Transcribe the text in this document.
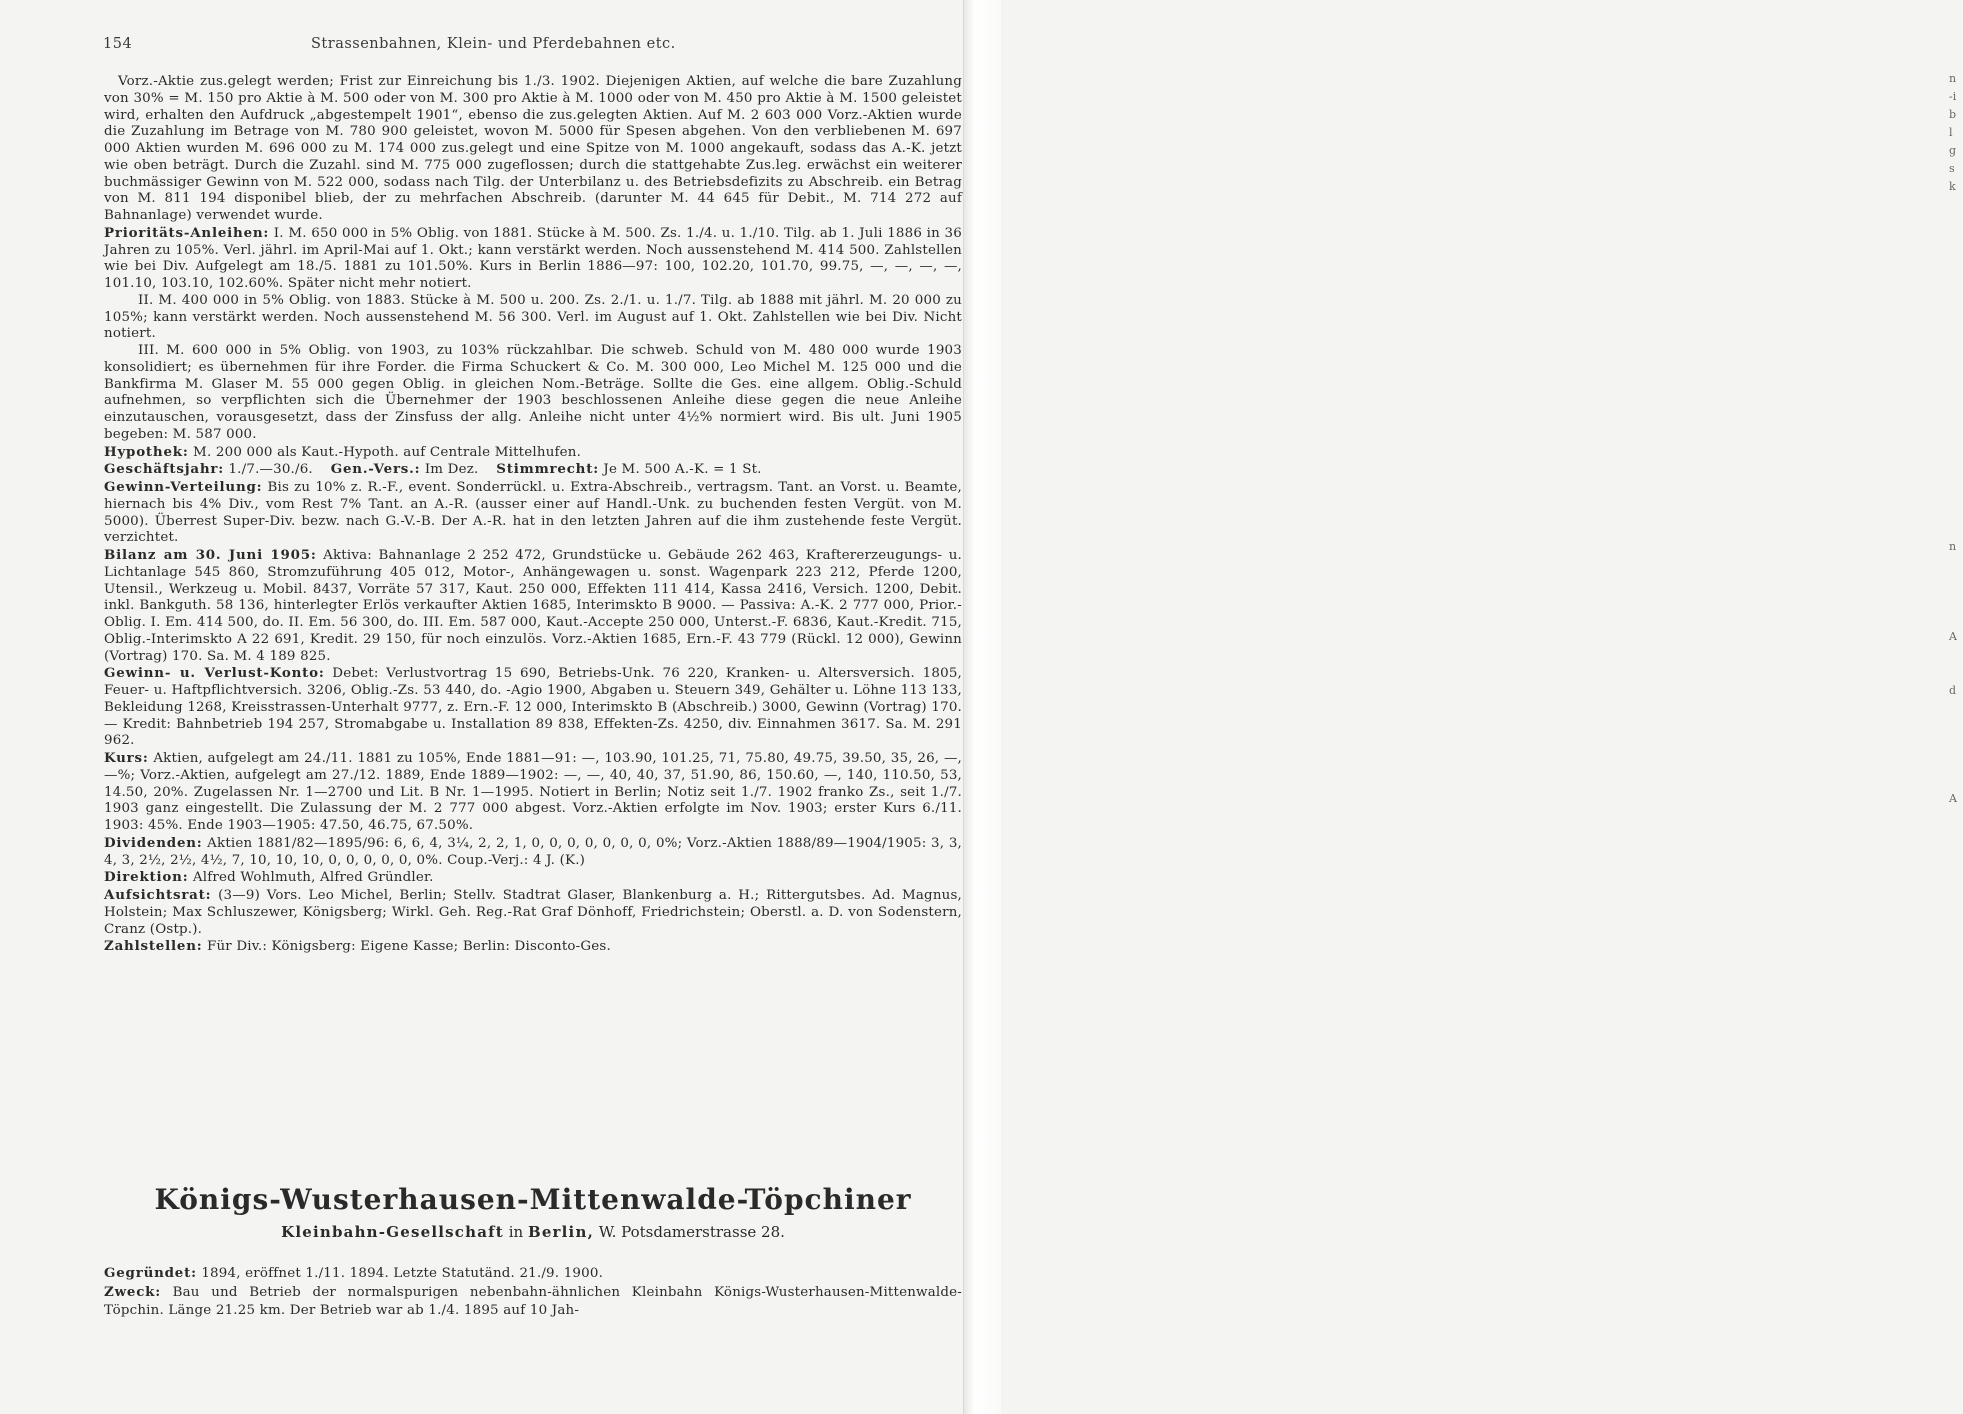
n
-i
b
l
g
s
k

n

A

d

A
154	Strassenbahnen, Klein- und Pferdebahnen etc.

Vorz.-Aktie zus.gelegt werden; Frist zur Einreichung bis 1./3. 1902. Diejenigen Aktien, auf welche die bare Zuzahlung von 30% = M. 150 pro Aktie à M. 500 oder von M. 300 pro Aktie à M. 1000 oder von M. 450 pro Aktie à M. 1500 geleistet wird, erhalten den Aufdruck „abgestempelt 1901“, ebenso die zus.gelegten Aktien. Auf M. 2 603 000 Vorz.-Aktien wurde die Zuzahlung im Betrage von M. 780 900 geleistet, wovon M. 5000 für Spesen abgehen. Von den verbliebenen M. 697 000 Aktien wurden M. 696 000 zu M. 174 000 zus.gelegt und eine Spitze von M. 1000 angekauft, sodass das A.-K. jetzt wie oben beträgt. Durch die Zuzahl. sind M. 775 000 zugeflossen; durch die stattgehabte Zus.leg. erwächst ein weiterer buchmässiger Gewinn von M. 522 000, sodass nach Tilg. der Unterbilanz u. des Betriebsdefizits zu Abschreib. ein Betrag von M. 811 194 disponibel blieb, der zu mehrfachen Abschreib. (darunter M. 44 645 für Debit., M. 714 272 auf Bahnanlage) verwendet wurde.

Prioritäts-Anleihen: I. M. 650 000 in 5% Oblig. von 1881. Stücke à M. 500. Zs. 1./4. u. 1./10. Tilg. ab 1. Juli 1886 in 36 Jahren zu 105%. Verl. jährl. im April-Mai auf 1. Okt.; kann verstärkt werden. Noch aussenstehend M. 414 500. Zahlstellen wie bei Div. Aufgelegt am 18./5. 1881 zu 101.50%. Kurs in Berlin 1886—97: 100, 102.20, 101.70, 99.75, —, —, —, —, 101.10, 103.10, 102.60%. Später nicht mehr notiert.

II. M. 400 000 in 5% Oblig. von 1883. Stücke à M. 500 u. 200. Zs. 2./1. u. 1./7. Tilg. ab 1888 mit jährl. M. 20 000 zu 105%; kann verstärkt werden. Noch aussenstehend M. 56 300. Verl. im August auf 1. Okt. Zahlstellen wie bei Div. Nicht notiert.

III. M. 600 000 in 5% Oblig. von 1903, zu 103% rückzahlbar. Die schweb. Schuld von M. 480 000 wurde 1903 konsolidiert; es übernehmen für ihre Forder. die Firma Schuckert & Co. M. 300 000, Leo Michel M. 125 000 und die Bankfirma M. Glaser M. 55 000 gegen Oblig. in gleichen Nom.-Beträge. Sollte die Ges. eine allgem. Oblig.-Schuld aufnehmen, so verpflichten sich die Übernehmer der 1903 beschlossenen Anleihe diese gegen die neue Anleihe einzutauschen, vorausgesetzt, dass der Zinsfuss der allg. Anleihe nicht unter 4½% normiert wird. Bis ult. Juni 1905 begeben: M. 587 000.

Hypothek: M. 200 000 als Kaut.-Hypoth. auf Centrale Mittelhufen.

Geschäftsjahr: 1./7.—30./6. Gen.-Vers.: Im Dez. Stimmrecht: Je M. 500 A.-K. = 1 St.

Gewinn-Verteilung: Bis zu 10% z. R.-F., event. Sonderrückl. u. Extra-Abschreib., vertragsm. Tant. an Vorst. u. Beamte, hiernach bis 4% Div., vom Rest 7% Tant. an A.-R. (ausser einer auf Handl.-Unk. zu buchenden festen Vergüt. von M. 5000). Überrest Super-Div. bezw. nach G.-V.-B. Der A.-R. hat in den letzten Jahren auf die ihm zustehende feste Vergüt. verzichtet.

Bilanz am 30. Juni 1905: Aktiva: Bahnanlage 2 252 472, Grundstücke u. Gebäude 262 463, Kraftererzeugungs- u. Lichtanlage 545 860, Stromzuführung 405 012, Motor-, Anhängewagen u. sonst. Wagenpark 223 212, Pferde 1200, Utensil., Werkzeug u. Mobil. 8437, Vorräte 57 317, Kaut. 250 000, Effekten 111 414, Kassa 2416, Versich. 1200, Debit. inkl. Bankguth. 58 136, hinterlegter Erlös verkaufter Aktien 1685, Interimskto B 9000. — Passiva: A.-K. 2 777 000, Prior.-Oblig. I. Em. 414 500, do. II. Em. 56 300, do. III. Em. 587 000, Kaut.-Accepte 250 000, Unterst.-F. 6836, Kaut.-Kredit. 715, Oblig.-Interimskto A 22 691, Kredit. 29 150, für noch einzulös. Vorz.-Aktien 1685, Ern.-F. 43 779 (Rückl. 12 000), Gewinn (Vortrag) 170. Sa. M. 4 189 825.

Gewinn- u. Verlust-Konto: Debet: Verlustvortrag 15 690, Betriebs-Unk. 76 220, Kranken- u. Altersversich. 1805, Feuer- u. Haftpflichtversich. 3206, Oblig.-Zs. 53 440, do. -Agio 1900, Abgaben u. Steuern 349, Gehälter u. Löhne 113 133, Bekleidung 1268, Kreisstrassen-Unterhalt 9777, z. Ern.-F. 12 000, Interimskto B (Abschreib.) 3000, Gewinn (Vortrag) 170. — Kredit: Bahnbetrieb 194 257, Stromabgabe u. Installation 89 838, Effekten-Zs. 4250, div. Einnahmen 3617. Sa. M. 291 962.

Kurs: Aktien, aufgelegt am 24./11. 1881 zu 105%, Ende 1881—91: —, 103.90, 101.25, 71, 75.80, 49.75, 39.50, 35, 26, —, —%; Vorz.-Aktien, aufgelegt am 27./12. 1889, Ende 1889—1902: —, —, 40, 40, 37, 51.90, 86, 150.60, —, 140, 110.50, 53, 14.50, 20%. Zugelassen Nr. 1—2700 und Lit. B Nr. 1—1995. Notiert in Berlin; Notiz seit 1./7. 1902 franko Zs., seit 1./7. 1903 ganz eingestellt. Die Zulassung der M. 2 777 000 abgest. Vorz.-Aktien erfolgte im Nov. 1903; erster Kurs 6./11. 1903: 45%. Ende 1903—1905: 47.50, 46.75, 67.50%.

Dividenden: Aktien 1881/82—1895/96: 6, 6, 4, 3¼, 2, 2, 1, 0, 0, 0, 0, 0, 0, 0, 0%; Vorz.-Aktien 1888/89—1904/1905: 3, 3, 4, 3, 2½, 2½, 4½, 7, 10, 10, 10, 0, 0, 0, 0, 0, 0%. Coup.-Verj.: 4 J. (K.)

Direktion: Alfred Wohlmuth, Alfred Gründler.

Aufsichtsrat: (3—9) Vors. Leo Michel, Berlin; Stellv. Stadtrat Glaser, Blankenburg a. H.; Rittergutsbes. Ad. Magnus, Holstein; Max Schluszewer, Königsberg; Wirkl. Geh. Reg.-Rat Graf Dönhoff, Friedrichstein; Oberstl. a. D. von Sodenstern, Cranz (Ostp.).

Zahlstellen: Für Div.: Königsberg: Eigene Kasse; Berlin: Disconto-Ges.

Königs-Wusterhausen-Mittenwalde-Töpchiner

Kleinbahn-Gesellschaft in Berlin, W. Potsdamerstrasse 28.

Gegründet: 1894, eröffnet 1./11. 1894. Letzte Statutänd. 21./9. 1900.

Zweck: Bau und Betrieb der normalspurigen nebenbahn-ähnlichen Kleinbahn Königs-Wusterhausen-Mittenwalde-Töpchin. Länge 21.25 km. Der Betrieb war ab 1./4. 1895 auf 10 Jah-
